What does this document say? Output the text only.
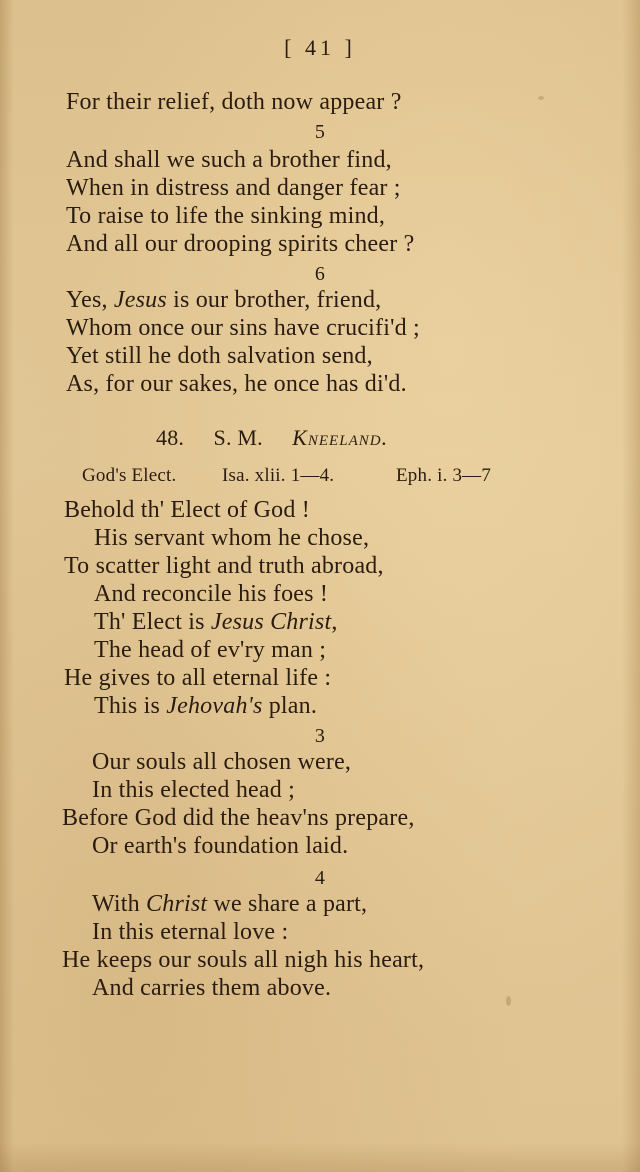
[ 41 ]
For their relief, doth now appear ?
5
And shall we such a brother find,
When in distress and danger fear ;
To raise to life the sinking mind,
And all our drooping spirits cheer ?
6
Yes, Jesus is our brother, friend,
Whom once our sins have crucifi'd ;
Yet still he doth salvation send,
As, for our sakes, he once has di'd.
48. S. M. Kneeland.
God's Elect. Isa. xlii. 1—4.	Eph. i. 3—7
Behold th' Elect of God !
His servant whom he chose,
To scatter light and truth abroad,
And reconcile his foes !
Th' Elect is Jesus Christ,
The head of ev'ry man ;
He gives to all eternal life :
This is Jehovah's plan.
3
Our souls all chosen were,
In this elected head ;
Before God did the heav'ns prepare,
Or earth's foundation laid.
4
With Christ we share a part,
In this eternal love :
He keeps our souls all nigh his heart,
And carries them above.
